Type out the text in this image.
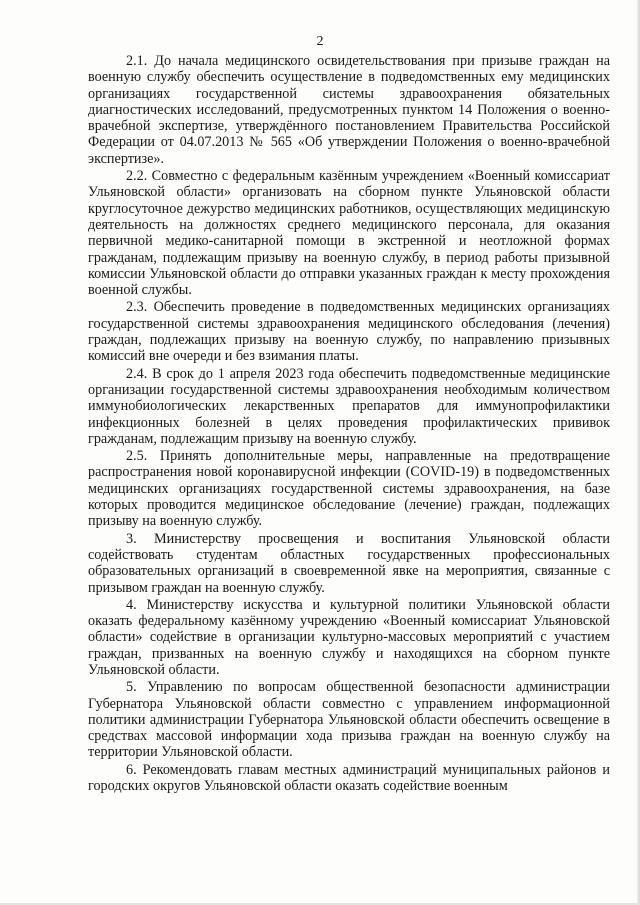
2

2.1. До начала медицинского освидетельствования при призыве граждан на военную службу обеспечить осуществление в подведомственных ему медицинских организациях государственной системы здравоохранения обязательных диагностических исследований, предусмотренных пунктом 14 Положения о военно-врачебной экспертизе, утверждённого постановлением Правительства Российской Федерации от 04.07.2013 № 565 «Об утверждении Положения о военно-врачебной экспертизе».

2.2. Совместно с федеральным казённым учреждением «Военный комиссариат Ульяновской области» организовать на сборном пункте Ульяновской области круглосуточное дежурство медицинских работников, осуществляющих медицинскую деятельность на должностях среднего медицинского персонала, для оказания первичной медико-санитарной помощи в экстренной и неотложной формах гражданам, подлежащим призыву на военную службу, в период работы призывной комиссии Ульяновской области до отправки указанных граждан к месту прохождения военной службы.

2.3. Обеспечить проведение в подведомственных медицинских организациях государственной системы здравоохранения медицинского обследования (лечения) граждан, подлежащих призыву на военную службу, по направлению призывных комиссий вне очереди и без взимания платы.

2.4. В срок до 1 апреля 2023 года обеспечить подведомственные медицинские организации государственной системы здравоохранения необходимым количеством иммунобиологических лекарственных препаратов для иммунопрофилактики инфекционных болезней в целях проведения профилактических прививок гражданам, подлежащим призыву на военную службу.

2.5. Принять дополнительные меры, направленные на предотвращение распространения новой коронавирусной инфекции (COVID-19) в подведомственных медицинских организациях государственной системы здравоохранения, на базе которых проводится медицинское обследование (лечение) граждан, подлежащих призыву на военную службу.

3. Министерству просвещения и воспитания Ульяновской области содействовать студентам областных государственных профессиональных образовательных организаций в своевременной явке на мероприятия, связанные с призывом граждан на военную службу.

4. Министерству искусства и культурной политики Ульяновской области оказать федеральному казённому учреждению «Военный комиссариат Ульяновской области» содействие в организации культурно-массовых мероприятий с участием граждан, призванных на военную службу и находящихся на сборном пункте Ульяновской области.

5. Управлению по вопросам общественной безопасности администрации Губернатора Ульяновской области совместно с управлением информационной политики администрации Губернатора Ульяновской области обеспечить освещение в средствах массовой информации хода призыва граждан на военную службу на территории Ульяновской области.

6. Рекомендовать главам местных администраций муниципальных районов и городских округов Ульяновской области оказать содействие военным
